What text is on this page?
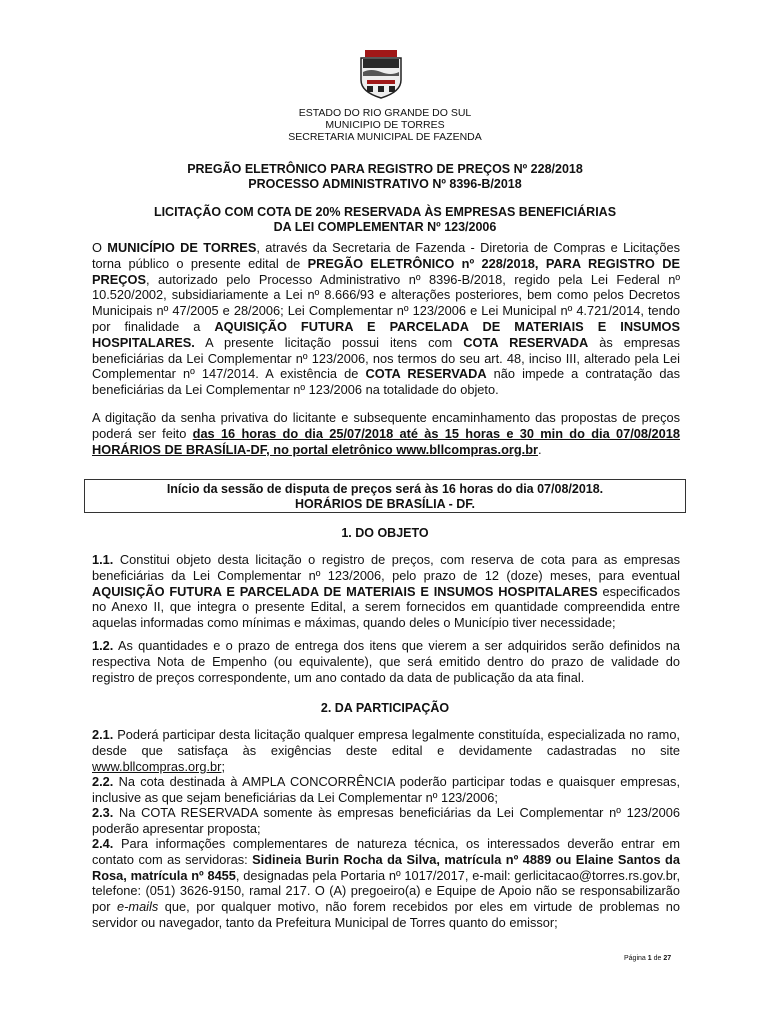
ESTADO DO RIO GRANDE DO SUL
MUNICIPIO DE TORRES
SECRETARIA MUNICIPAL DE FAZENDA
PREGÃO ELETRÔNICO PARA REGISTRO DE PREÇOS Nº 228/2018
PROCESSO ADMINISTRATIVO Nº 8396-B/2018
LICITAÇÃO COM COTA DE 20% RESERVADA ÀS EMPRESAS BENEFICIÁRIAS
DA LEI COMPLEMENTAR Nº 123/2006
O MUNICÍPIO DE TORRES, através da Secretaria de Fazenda - Diretoria de Compras e Licitações torna público o presente edital de PREGÃO ELETRÔNICO nº 228/2018, PARA REGISTRO DE PREÇOS, autorizado pelo Processo Administrativo nº 8396-B/2018, regido pela Lei Federal nº 10.520/2002, subsidiariamente a Lei nº 8.666/93 e alterações posteriores, bem como pelos Decretos Municipais nº 47/2005 e 28/2006; Lei Complementar nº 123/2006 e Lei Municipal nº 4.721/2014, tendo por finalidade a AQUISIÇÃO FUTURA E PARCELADA DE MATERIAIS E INSUMOS HOSPITALARES. A presente licitação possui itens com COTA RESERVADA às empresas beneficiárias da Lei Complementar nº 123/2006, nos termos do seu art. 48, inciso III, alterado pela Lei Complementar nº 147/2014. A existência de COTA RESERVADA não impede a contratação das beneficiárias da Lei Complementar nº 123/2006 na totalidade do objeto.
A digitação da senha privativa do licitante e subsequente encaminhamento das propostas de preços poderá ser feito das 16 horas do dia 25/07/2018 até às 15 horas e 30 min do dia 07/08/2018 HORÁRIOS DE BRASÍLIA-DF, no portal eletrônico www.bllcompras.org.br.
Início da sessão de disputa de preços será às 16 horas do dia 07/08/2018.
HORÁRIOS DE BRASÍLIA - DF.
1. DO OBJETO
1.1. Constitui objeto desta licitação o registro de preços, com reserva de cota para as empresas beneficiárias da Lei Complementar nº 123/2006, pelo prazo de 12 (doze) meses, para eventual AQUISIÇÃO FUTURA E PARCELADA DE MATERIAIS E INSUMOS HOSPITALARES especificados no Anexo II, que integra o presente Edital, a serem fornecidos em quantidade compreendida entre aquelas informadas como mínimas e máximas, quando deles o Município tiver necessidade;
1.2. As quantidades e o prazo de entrega dos itens que vierem a ser adquiridos serão definidos na respectiva Nota de Empenho (ou equivalente), que será emitido dentro do prazo de validade do registro de preços correspondente, um ano contado da data de publicação da ata final.
2. DA PARTICIPAÇÃO
2.1. Poderá participar desta licitação qualquer empresa legalmente constituída, especializada no ramo, desde que satisfaça às exigências deste edital e devidamente cadastradas no site www.bllcompras.org.br;
2.2. Na cota destinada à AMPLA CONCORRÊNCIA poderão participar todas e quaisquer empresas, inclusive as que sejam beneficiárias da Lei Complementar nº 123/2006;
2.3. Na COTA RESERVADA somente às empresas beneficiárias da Lei Complementar nº 123/2006 poderão apresentar proposta;
2.4. Para informações complementares de natureza técnica, os interessados deverão entrar em contato com as servidoras: Sidineia Burin Rocha da Silva, matrícula nº 4889 ou Elaine Santos da Rosa, matrícula nº 8455, designadas pela Portaria nº 1017/2017, e-mail: gerlicitacao@torres.rs.gov.br, telefone: (051) 3626-9150, ramal 217. O (A) pregoeiro(a) e Equipe de Apoio não se responsabilizarão por e-mails que, por qualquer motivo, não forem recebidos por eles em virtude de problemas no servidor ou navegador, tanto da Prefeitura Municipal de Torres quanto do emissor;
Página 1 de 27
